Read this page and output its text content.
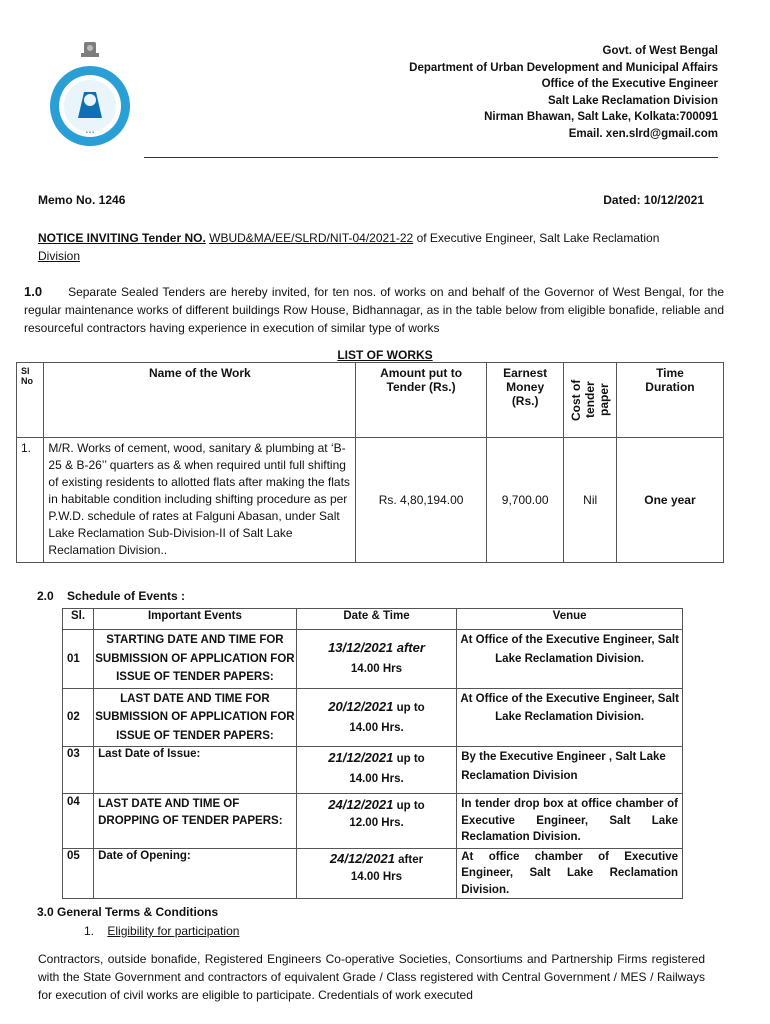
• • •
Govt. of West Bengal
Department of Urban Development and Municipal Affairs
Office of the Executive Engineer
Salt Lake Reclamation Division
Nirman Bhawan, Salt Lake, Kolkata:700091
Email. xen.slrd@gmail.com
Memo No. 1246	Dated: 10/12/2021
NOTICE INVITING Tender NO. WBUD&MA/EE/SLRD/NIT-04/2021-22 of Executive Engineer, Salt Lake Reclamation
Division
1.0 Separate Sealed Tenders are hereby invited, for ten nos. of works on and behalf of the Governor of West Bengal, for the regular maintenance works of different buildings Row House, Bidhannagar, as in the table below from eligible bonafide, reliable and resourceful contractors having experience in execution of similar type of works
LIST OF WORKS
Sl No	Name of the Work	Amount put to Tender (Rs.)	Earnest Money (Rs.)	Cost of tender paper	Time Duration
1.	M/R. Works of cement, wood, sanitary & plumbing at ‘B-25 & B-26’’ quarters as & when required until full shifting of existing residents to allotted flats after making the flats in habitable condition including shifting procedure as per P.W.D. schedule of rates at Falguni Abasan, under Salt Lake Reclamation Sub-Division-II of Salt Lake Reclamation Division..	Rs. 4,80,194.00	9,700.00	Nil	One year
2.0    Schedule of Events :
Sl.	Important Events	Date & Time	Venue
01	STARTING DATE AND TIME FOR SUBMISSION OF APPLICATION FOR ISSUE OF TENDER PAPERS:	13/12/2021 after
14.00 Hrs	At Office of the Executive Engineer, Salt Lake Reclamation Division.
02	LAST DATE AND TIME FOR SUBMISSION OF APPLICATION FOR ISSUE OF TENDER PAPERS:	20/12/2021 up to
14.00 Hrs.	At Office of the Executive Engineer, Salt Lake Reclamation Division.
03	Last Date of Issue:	21/12/2021 up to
14.00 Hrs.	By the Executive Engineer , Salt Lake Reclamation Division
04	LAST DATE AND TIME OF DROPPING OF TENDER PAPERS:	24/12/2021 up to
12.00 Hrs.	In tender drop box at office chamber of Executive Engineer, Salt Lake Reclamation Division.
05	Date of Opening:	24/12/2021 after
14.00 Hrs	At office chamber of Executive Engineer, Salt Lake Reclamation Division.
3.0 General Terms & Conditions
1. Eligibility for participation
Contractors, outside bonafide, Registered Engineers Co-operative Societies, Consortiums and Partnership Firms registered with the State Government and contractors of equivalent Grade / Class registered with Central Government / MES / Railways for execution of civil works are eligible to participate. Credentials of work executed
